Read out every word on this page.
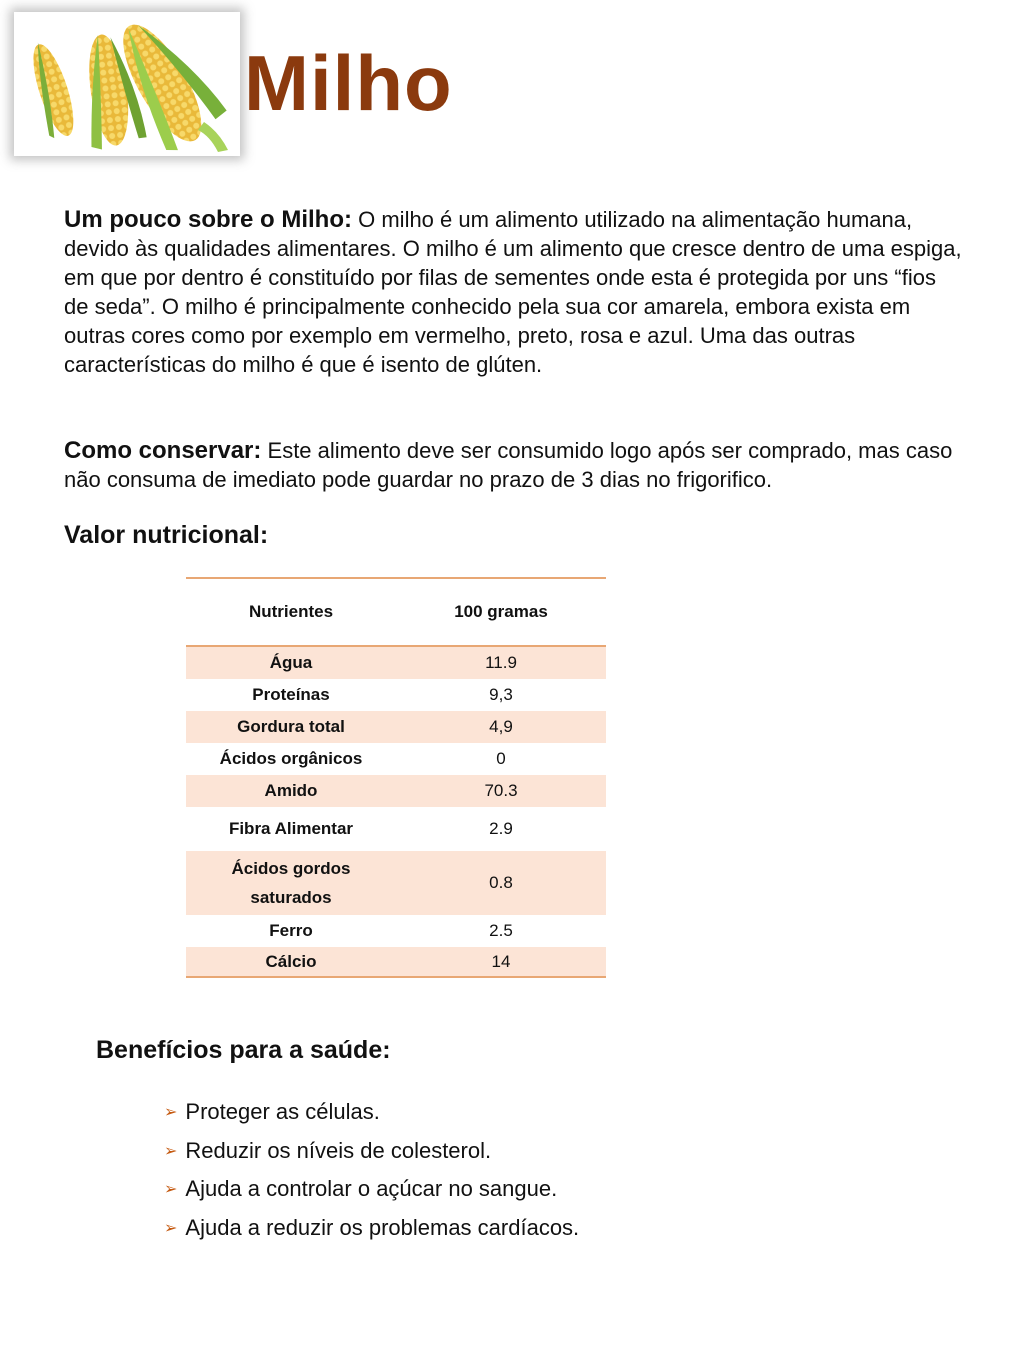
Milho

Um pouco sobre o Milho: O milho é um alimento utilizado na alimentação humana, devido às qualidades alimentares. O milho é um alimento que cresce dentro de uma espiga, em que por dentro é constituído por filas de sementes onde esta é protegida por uns “fios de seda”. O milho é principalmente conhecido pela sua cor amarela, embora exista em outras cores como por exemplo em vermelho, preto, rosa e azul. Uma das outras características do milho é que é isento de glúten.

Como conservar: Este alimento deve ser consumido logo após ser comprado, mas caso não consuma de imediato pode guardar no prazo de 3 dias no frigorifico.

Valor nutricional:
Nutrientes	100 gramas
Água	11.9
Proteínas	9,3
Gordura total	4,9
Ácidos orgânicos	0
Amido	70.3
Fibra Alimentar	2.9
Ácidos gordos saturados	0.8
Ferro	2.5
Cálcio	14
Benefícios para a saúde:
➢ Proteger as células.
➢ Reduzir os níveis de colesterol.
➢ Ajuda a controlar o açúcar no sangue.
➢ Ajuda a reduzir os problemas cardíacos.
